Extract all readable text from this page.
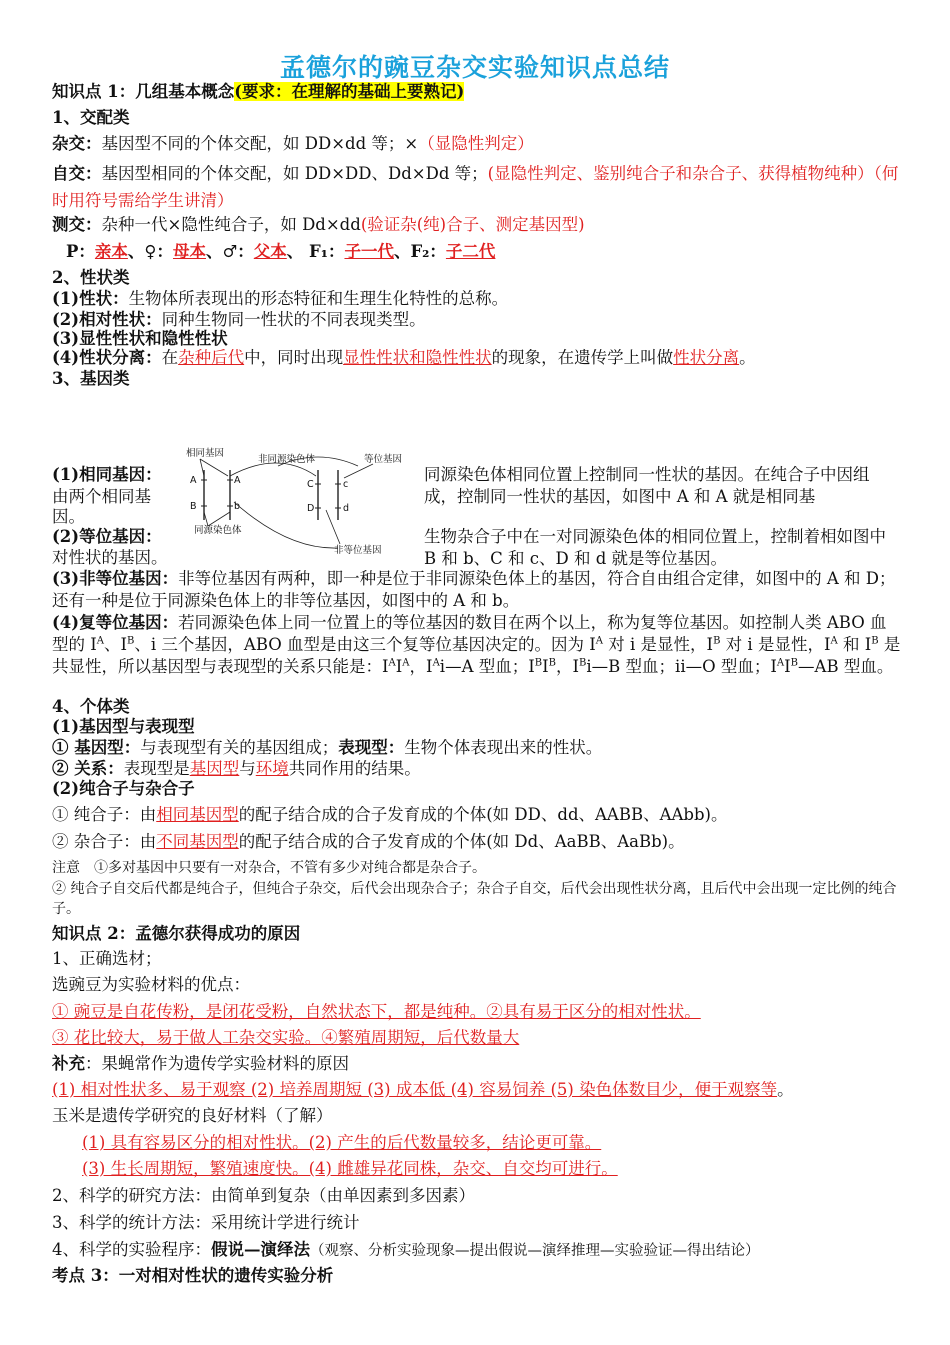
孟德尔的豌豆杂交实验知识点总结
知识点 1：几组基本概念(要求：在理解的基础上要熟记)
1、交配类
杂交：基因型不同的个体交配，如 DD×dd 等；×（显隐性判定）
自交：基因型相同的个体交配，如 DD×DD、Dd×Dd 等；(显隐性判定、鉴别纯合子和杂合子、获得植物纯种）（何时用符号需给学生讲清）
测交：杂种一代×隐性纯合子，如 Dd×dd(验证杂(纯)合子、测定基因型)
P：亲本、♀：母本、♂：父本、 F₁：子一代、F₂：子二代
2、性状类
(1)性状：生物体所表现出的形态特征和生理生化特性的总称。
(2)相对性状：同种生物同一性状的不同表现类型。
(3)显性性状和隐性性状
(4)性状分离：在杂种后代中，同时出现显性性状和隐性性状的现象，在遗传学上叫做性状分离。
3、基因类
相同基因
非同源染色体	等位基因
同源染色体
非等位基因
A	A
B	b
C	c
D	d
(1)相同基因：
由两个相同基
因。
同源染色体相同位置上控制同一性状的基因。在纯合子中因组成，控制同一性状的基因，如图中 A 和 A 就是相同基
(2)等位基因：
对性状的基因。
生物杂合子中在一对同源染色体的相同位置上，控制着相如图中 B 和 b、C 和 c、D 和 d 就是等位基因。
(3)非等位基因：非等位基因有两种，即一种是位于非同源染色体上的基因，符合自由组合定律，如图中的 A 和 D；还有一种是位于同源染色体上的非等位基因，如图中的 A 和 b。
(4)复等位基因：若同源染色体上同一位置上的等位基因的数目在两个以上，称为复等位基因。如控制人类 ABO 血型的 $I^A$、$I^B$、i 三个基因，ABO 血型是由这三个复等位基因决定的。因为 $I^A$ 对 i 是显性，$I^B$ 对 i 是显性，$I^A$ 和 $I^B$ 是共显性，所以基因型与表现型的关系只能是：$I^AI^A$，$I^Ai—A$ 型血；$I^BI^B$，$I^Bi—B$ 型血；ii—O 型血；$I^AI^B—AB$ 型血。
4、个体类
(1)基因型与表现型
① 基因型：与表现型有关的基因组成；表现型：生物个体表现出来的性状。
② 关系：表现型是基因型与环境共同作用的结果。
(2)纯合子与杂合子
① 纯合子：由相同基因型的配子结合成的合子发育成的个体(如 DD、dd、AABB、AAbb)。
② 杂合子：由不同基因型的配子结合成的合子发育成的个体(如 Dd、AaBB、AaBb)。
注意　①多对基因中只要有一对杂合，不管有多少对纯合都是杂合子。
② 纯合子自交后代都是纯合子，但纯合子杂交，后代会出现杂合子；杂合子自交，后代会出现性状分离，且后代中会出现一定比例的纯合子。
知识点 2：孟德尔获得成功的原因
1、正确选材；
选豌豆为实验材料的优点：
① 豌豆是自花传粉，是闭花受粉，自然状态下，都是纯种。②具有易于区分的相对性状。
③ 花比较大，易于做人工杂交实验。④繁殖周期短，后代数量大
补充：果蝇常作为遗传学实验材料的原因
(1) 相对性状多、易于观察 (2) 培养周期短 (3) 成本低 (4) 容易饲养 (5) 染色体数目少，便于观察等。
玉米是遗传学研究的良好材料（了解）
(1) 具有容易区分的相对性状。(2) 产生的后代数量较多，结论更可靠。
(3) 生长周期短，繁殖速度快。(4) 雌雄异花同株，杂交、自交均可进行。
2、科学的研究方法：由简单到复杂（由单因素到多因素）
3、科学的统计方法：采用统计学进行统计
4、科学的实验程序：假说—演绎法（观察、分析实验现象—提出假说—演绎推理—实验验证—得出结论）
考点 3：一对相对性状的遗传实验分析
